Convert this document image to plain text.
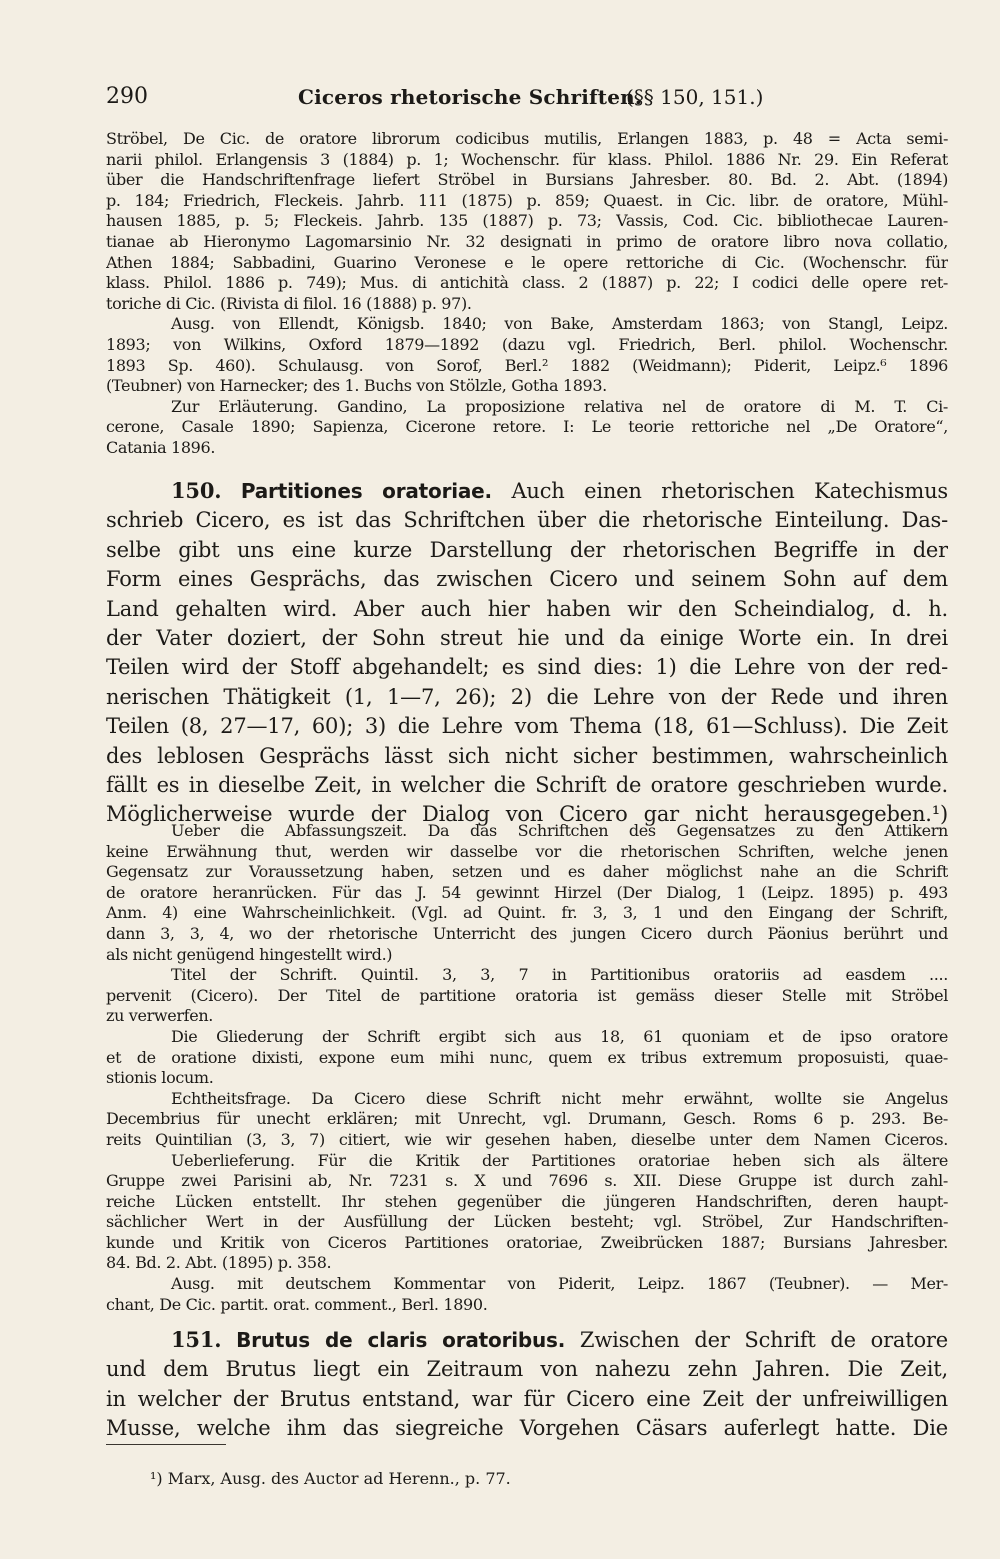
290	Ciceros rhetorische Schriften.
(§§ 150, 151.)
Ströbel, De Cic. de oratore librorum codicibus mutilis, Erlangen 1883, p. 48 = Acta semi-
narii philol. Erlangensis 3 (1884) p. 1; Wochenschr. für klass. Philol. 1886 Nr. 29. Ein Referat
über die Handschriftenfrage liefert Ströbel in Bursians Jahresber. 80. Bd. 2. Abt. (1894)
p. 184; Friedrich, Fleckeis. Jahrb. 111 (1875) p. 859; Quaest. in Cic. libr. de oratore, Mühl-
hausen 1885, p. 5; Fleckeis. Jahrb. 135 (1887) p. 73; Vassis, Cod. Cic. bibliothecae Lauren-
tianae ab Hieronymo Lagomarsinio Nr. 32 designati in primo de oratore libro nova collatio,
Athen 1884; Sabbadini, Guarino Veronese e le opere rettoriche di Cic. (Wochenschr. für
klass. Philol. 1886 p. 749); Mus. di antichità class. 2 (1887) p. 22; I codici delle opere ret-
toriche di Cic. (Rivista di filol. 16 (1888) p. 97).
Ausg. von Ellendt, Königsb. 1840; von Bake, Amsterdam 1863; von Stangl, Leipz.
1893; von Wilkins, Oxford 1879—1892 (dazu vgl. Friedrich, Berl. philol. Wochenschr.
1893 Sp. 460). Schulausg. von Sorof, Berl.² 1882 (Weidmann); Piderit, Leipz.⁶ 1896
(Teubner) von Harnecker; des 1. Buchs von Stölzle, Gotha 1893.
Zur Erläuterung. Gandino, La proposizione relativa nel de oratore di M. T. Ci-
cerone, Casale 1890; Sapienza, Cicerone retore. I: Le teorie rettoriche nel „De Oratore“,
Catania 1896.
150. Partitiones oratoriae. Auch einen rhetorischen Katechismus
schrieb Cicero, es ist das Schriftchen über die rhetorische Einteilung. Das-
selbe gibt uns eine kurze Darstellung der rhetorischen Begriffe in der
Form eines Gesprächs, das zwischen Cicero und seinem Sohn auf dem
Land gehalten wird. Aber auch hier haben wir den Scheindialog, d. h.
der Vater doziert, der Sohn streut hie und da einige Worte ein. In drei
Teilen wird der Stoff abgehandelt; es sind dies: 1) die Lehre von der red-
nerischen Thätigkeit (1, 1—7, 26); 2) die Lehre von der Rede und ihren
Teilen (8, 27—17, 60); 3) die Lehre vom Thema (18, 61—Schluss). Die Zeit
des leblosen Gesprächs lässt sich nicht sicher bestimmen, wahrscheinlich
fällt es in dieselbe Zeit, in welcher die Schrift de oratore geschrieben wurde.
Möglicherweise wurde der Dialog von Cicero gar nicht herausgegeben.¹)
Ueber die Abfassungszeit. Da das Schriftchen des Gegensatzes zu den Attikern
keine Erwähnung thut, werden wir dasselbe vor die rhetorischen Schriften, welche jenen
Gegensatz zur Voraussetzung haben, setzen und es daher möglichst nahe an die Schrift
de oratore heranrücken. Für das J. 54 gewinnt Hirzel (Der Dialog, 1 (Leipz. 1895) p. 493
Anm. 4) eine Wahrscheinlichkeit. (Vgl. ad Quint. fr. 3, 3, 1 und den Eingang der Schrift,
dann 3, 3, 4, wo der rhetorische Unterricht des jungen Cicero durch Päonius berührt und
als nicht genügend hingestellt wird.)
Titel der Schrift. Quintil. 3, 3, 7 in Partitionibus oratoriis ad easdem ....
pervenit (Cicero). Der Titel de partitione oratoria ist gemäss dieser Stelle mit Ströbel
zu verwerfen.
Die Gliederung der Schrift ergibt sich aus 18, 61 quoniam et de ipso oratore
et de oratione dixisti, expone eum mihi nunc, quem ex tribus extremum proposuisti, quae-
stionis locum.
Echtheitsfrage. Da Cicero diese Schrift nicht mehr erwähnt, wollte sie Angelus
Decembrius für unecht erklären; mit Unrecht, vgl. Drumann, Gesch. Roms 6 p. 293. Be-
reits Quintilian (3, 3, 7) citiert, wie wir gesehen haben, dieselbe unter dem Namen Ciceros.
Ueberlieferung. Für die Kritik der Partitiones oratoriae heben sich als ältere
Gruppe zwei Parisini ab, Nr. 7231 s. X und 7696 s. XII. Diese Gruppe ist durch zahl-
reiche Lücken entstellt. Ihr stehen gegenüber die jüngeren Handschriften, deren haupt-
sächlicher Wert in der Ausfüllung der Lücken besteht; vgl. Ströbel, Zur Handschriften-
kunde und Kritik von Ciceros Partitiones oratoriae, Zweibrücken 1887; Bursians Jahresber.
84. Bd. 2. Abt. (1895) p. 358.
Ausg. mit deutschem Kommentar von Piderit, Leipz. 1867 (Teubner). — Mer-
chant, De Cic. partit. orat. comment., Berl. 1890.
151. Brutus de claris oratoribus. Zwischen der Schrift de oratore
und dem Brutus liegt ein Zeitraum von nahezu zehn Jahren. Die Zeit,
in welcher der Brutus entstand, war für Cicero eine Zeit der unfreiwilligen
Musse, welche ihm das siegreiche Vorgehen Cäsars auferlegt hatte. Die
¹) Marx, Ausg. des Auctor ad Herenn., p. 77.
